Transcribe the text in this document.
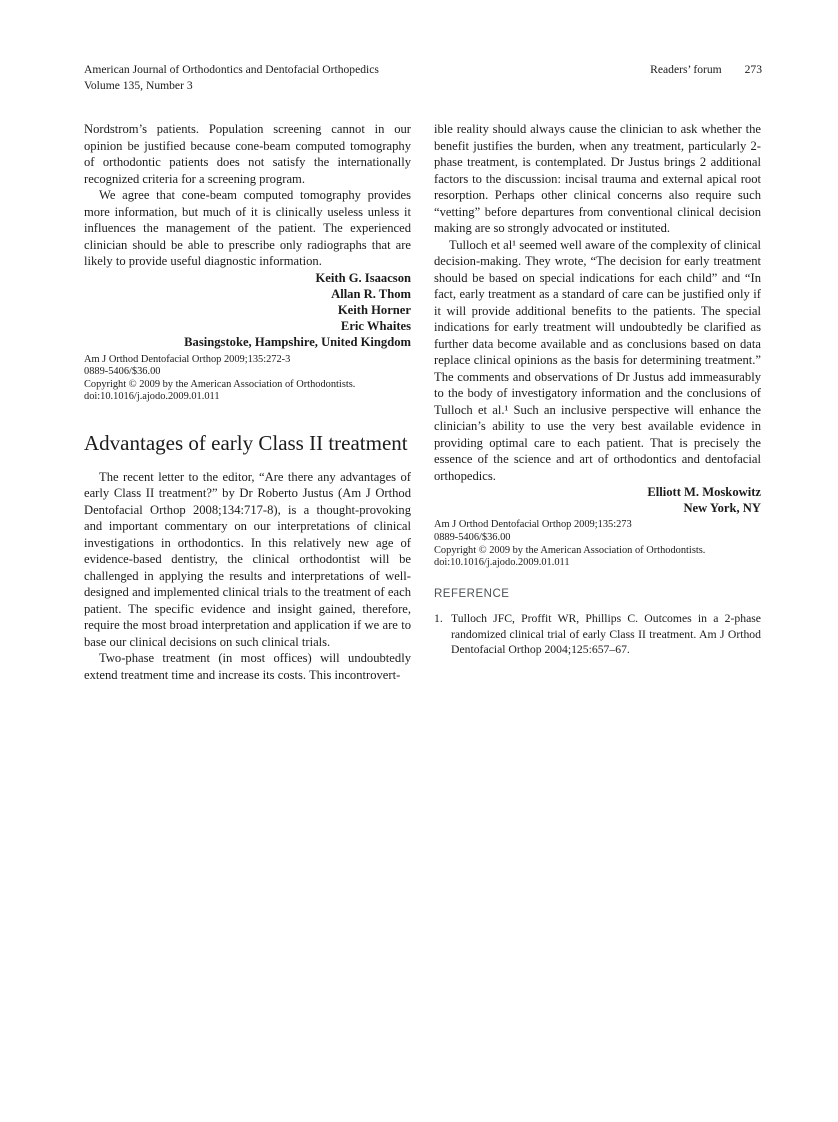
American Journal of Orthodontics and Dentofacial Orthopedics
Volume 135, Number 3
Readers’ forum 273

Nordstrom’s patients. Population screening cannot in our opinion be justified because cone-beam computed tomography of orthodontic patients does not satisfy the internationally recognized criteria for a screening program.

We agree that cone-beam computed tomography provides more information, but much of it is clinically useless unless it influences the management of the patient. The experienced clinician should be able to prescribe only radiographs that are likely to provide useful diagnostic information.

Keith G. Isaacson
Allan R. Thom
Keith Horner
Eric Whaites
Basingstoke, Hampshire, United Kingdom
Am J Orthod Dentofacial Orthop 2009;135:272-3
0889-5406/$36.00
Copyright © 2009 by the American Association of Orthodontists.
doi:10.1016/j.ajodo.2009.01.011
Advantages of early Class II treatment

The recent letter to the editor, “Are there any advantages of early Class II treatment?” by Dr Roberto Justus (Am J Orthod Dentofacial Orthop 2008;134:717-8), is a thought-provoking and important commentary on our interpretations of clinical investigations in orthodontics. In this relatively new age of evidence-based dentistry, the clinical orthodontist will be challenged in applying the results and interpretations of well-designed and implemented clinical trials to the treatment of each patient. The specific evidence and insight gained, therefore, require the most broad interpretation and application if we are to base our clinical decisions on such clinical trials.

Two-phase treatment (in most offices) will undoubtedly extend treatment time and increase its costs. This incontrovert-

ible reality should always cause the clinician to ask whether the benefit justifies the burden, when any treatment, particularly 2-phase treatment, is contemplated. Dr Justus brings 2 additional factors to the discussion: incisal trauma and external apical root resorption. Perhaps other clinical concerns also require such “vetting” before departures from conventional clinical decision making are so strongly advocated or instituted.

Tulloch et al¹ seemed well aware of the complexity of clinical decision-making. They wrote, “The decision for early treatment should be based on special indications for each child” and “In fact, early treatment as a standard of care can be justified only if it will provide additional benefits to the patients. The special indications for early treatment will undoubtedly be clarified as further data become available and as conclusions based on data replace clinical opinions as the basis for determining treatment.” The comments and observations of Dr Justus add immeasurably to the body of investigatory information and the conclusions of Tulloch et al.¹ Such an inclusive perspective will enhance the clinician’s ability to use the very best available evidence in providing optimal care to each patient. That is precisely the essence of the science and art of orthodontics and dentofacial orthopedics.

Elliott M. Moskowitz
New York, NY
Am J Orthod Dentofacial Orthop 2009;135:273
0889-5406/$36.00
Copyright © 2009 by the American Association of Orthodontists.
doi:10.1016/j.ajodo.2009.01.011
REFERENCE
1. Tulloch JFC, Proffit WR, Phillips C. Outcomes in a 2-phase randomized clinical trial of early Class II treatment. Am J Orthod Dentofacial Orthop 2004;125:657–67.
